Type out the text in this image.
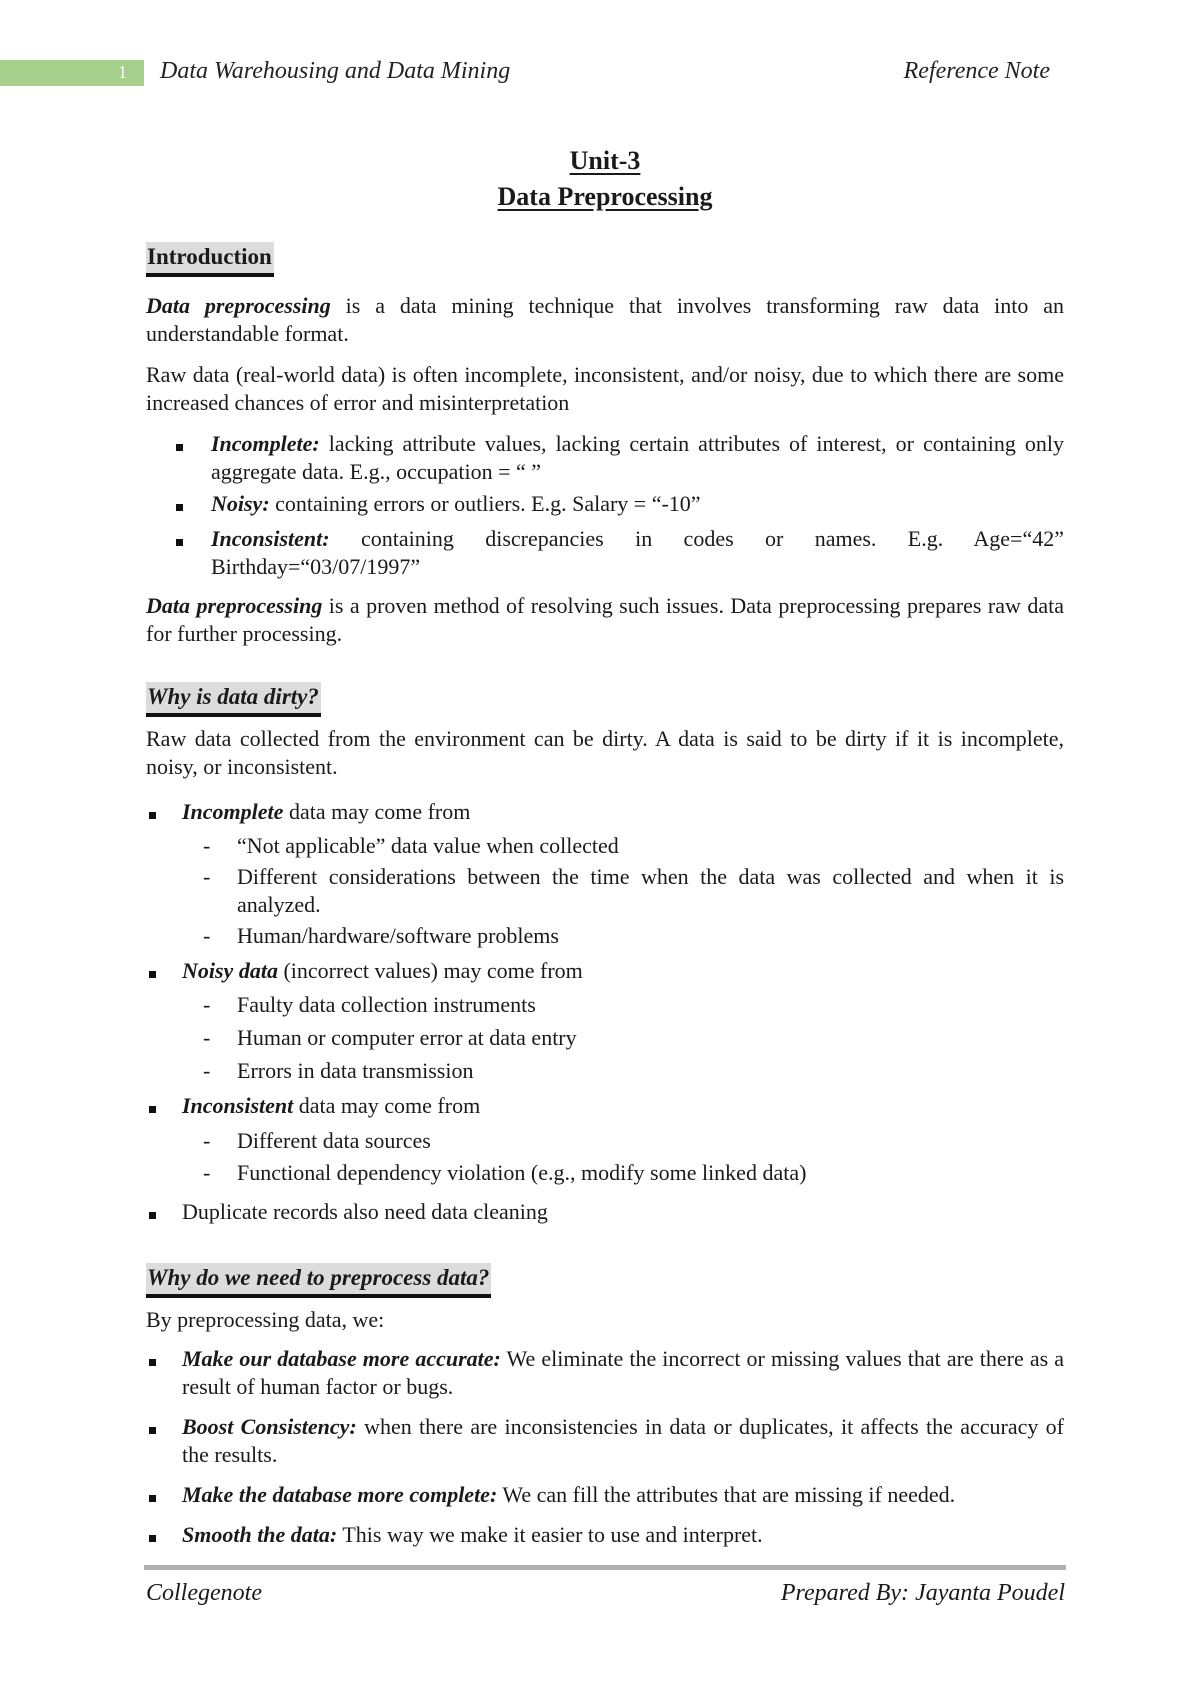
1 Data Warehousing and Data Mining	Reference Note
Unit-3
Data Preprocessing
Introduction
Data preprocessing is a data mining technique that involves transforming raw data into an understandable format.
Raw data (real-world data) is often incomplete, inconsistent, and/or noisy, due to which there are some increased chances of error and misinterpretation
Incomplete: lacking attribute values, lacking certain attributes of interest, or containing only aggregate data. E.g., occupation = “ ”
Noisy: containing errors or outliers. E.g. Salary = “-10”
Inconsistent: containing discrepancies in codes or names. E.g. Age=“42” Birthday=“03/07/1997”
Data preprocessing is a proven method of resolving such issues. Data preprocessing prepares raw data for further processing.
Why is data dirty?
Raw data collected from the environment can be dirty. A data is said to be dirty if it is incomplete, noisy, or inconsistent.
Incomplete data may come from
- “Not applicable” data value when collected
- Different considerations between the time when the data was collected and when it is analyzed.
- Human/hardware/software problems
Noisy data (incorrect values) may come from
- Faulty data collection instruments
- Human or computer error at data entry
- Errors in data transmission
Inconsistent data may come from
- Different data sources
- Functional dependency violation (e.g., modify some linked data)
Duplicate records also need data cleaning
Why do we need to preprocess data?
By preprocessing data, we:
Make our database more accurate: We eliminate the incorrect or missing values that are there as a result of human factor or bugs.
Boost Consistency: when there are inconsistencies in data or duplicates, it affects the accuracy of the results.
Make the database more complete: We can fill the attributes that are missing if needed.
Smooth the data: This way we make it easier to use and interpret.
Collegenote	Prepared By: Jayanta Poudel
